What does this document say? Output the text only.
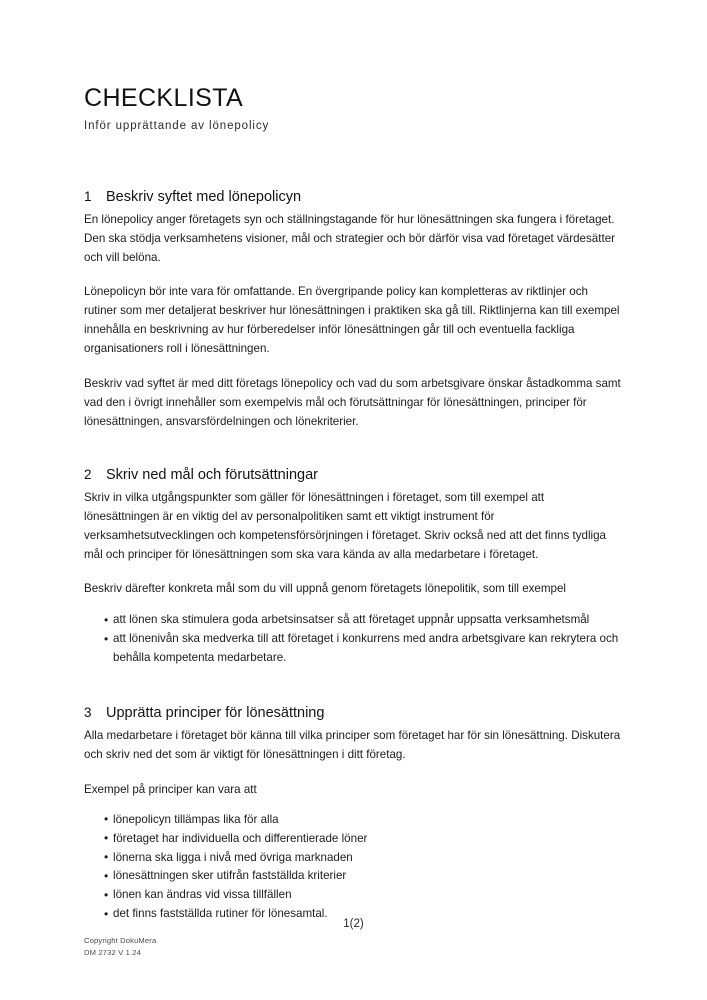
CHECKLISTA
Inför upprättande av lönepolicy
1 Beskriv syftet med lönepolicyn

En lönepolicy anger företagets syn och ställningstagande för hur lönesättningen ska fungera i företaget. Den ska stödja verksamhetens visioner, mål och strategier och bör därför visa vad företaget värdesätter och vill belöna.

Lönepolicyn bör inte vara för omfattande. En övergripande policy kan kompletteras av riktlinjer och rutiner som mer detaljerat beskriver hur lönesättningen i praktiken ska gå till. Riktlinjerna kan till exempel innehålla en beskrivning av hur förberedelser inför lönesättningen går till och eventuella fackliga organisationers roll i lönesättningen.

Beskriv vad syftet är med ditt företags lönepolicy och vad du som arbetsgivare önskar åstadkomma samt vad den i övrigt innehåller som exempelvis mål och förutsättningar för lönesättningen, principer för lönesättningen, ansvarsfördelningen och lönekriterier.

2 Skriv ned mål och förutsättningar

Skriv in vilka utgångspunkter som gäller för lönesättningen i företaget, som till exempel att lönesättningen är en viktig del av personalpolitiken samt ett viktigt instrument för verksamhetsutvecklingen och kompetensförsörjningen i företaget. Skriv också ned att det finns tydliga mål och principer för lönesättningen som ska vara kända av alla medarbetare i företaget.

Beskriv därefter konkreta mål som du vill uppnå genom företagets lönepolitik, som till exempel

• att lönen ska stimulera goda arbetsinsatser så att företaget uppnår uppsatta verksamhetsmål
• att lönenivån ska medverka till att företaget i konkurrens med andra arbetsgivare kan rekrytera och behålla kompetenta medarbetare.
3 Upprätta principer för lönesättning

Alla medarbetare i företaget bör känna till vilka principer som företaget har för sin lönesättning. Diskutera och skriv ned det som är viktigt för lönesättningen i ditt företag.

Exempel på principer kan vara att

• lönepolicyn tillämpas lika för alla
• företaget har individuella och differentierade löner
• lönerna ska ligga i nivå med övriga marknaden
• lönesättningen sker utifrån fastställda kriterier
• lönen kan ändras vid vissa tillfällen
• det finns fastställda rutiner för lönesamtal.
1(2)
Copyright DokuMera
DM 2732 V 1.24
